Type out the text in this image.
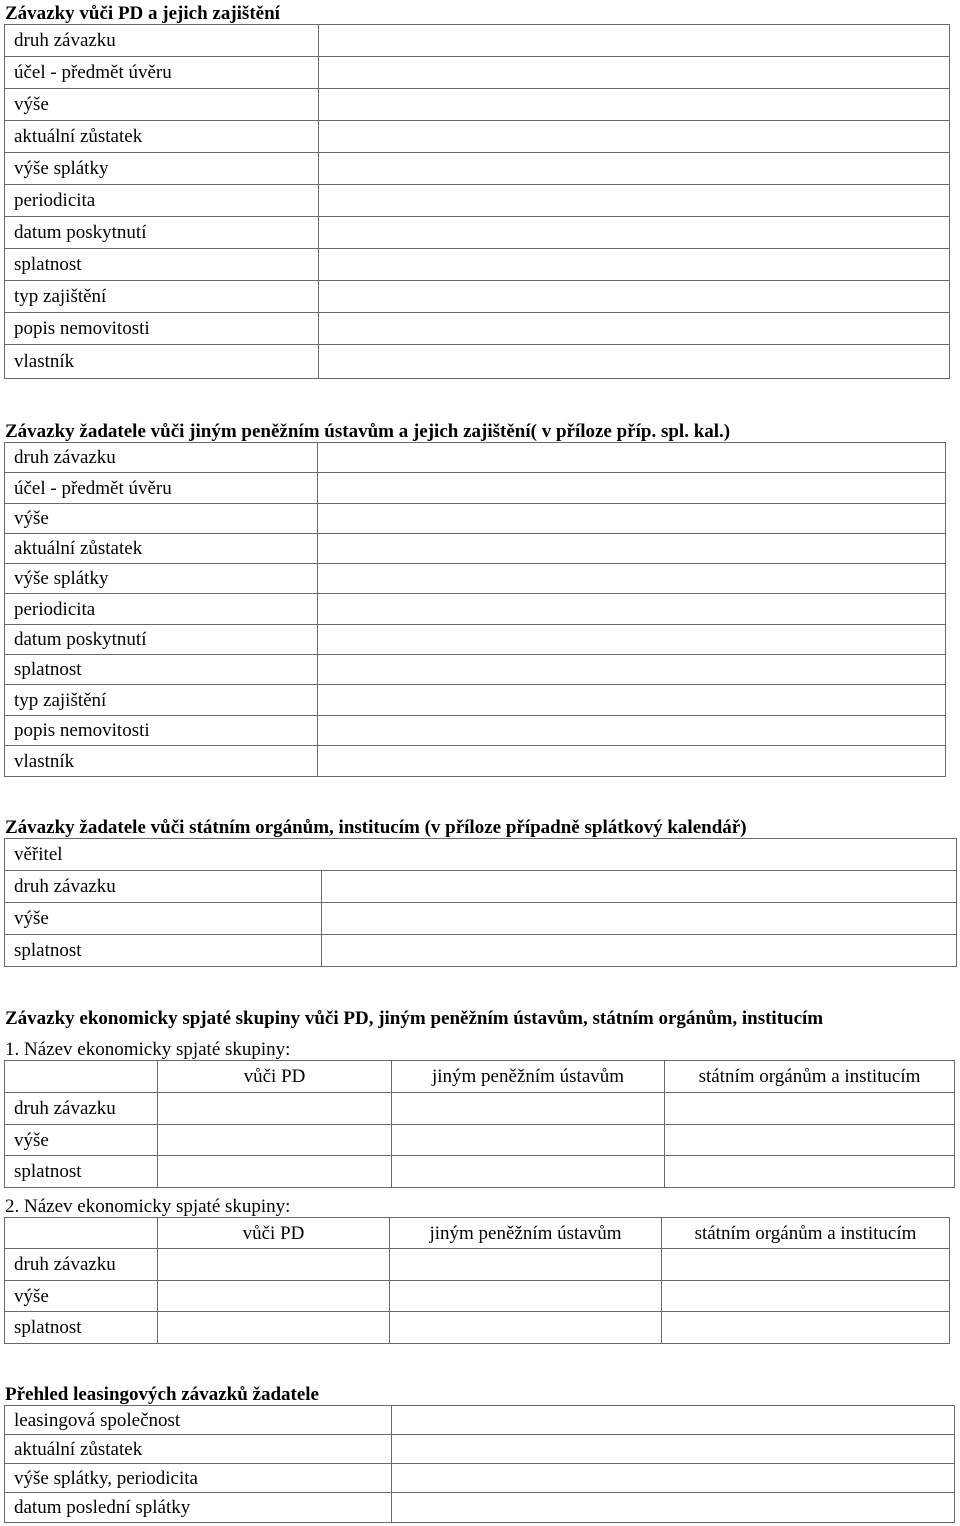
Závazky vůči PD a jejich zajištění
druh závazku	
účel - předmět úvěru	
výše	
aktuální zůstatek	
výše splátky	
periodicita	
datum poskytnutí	
splatnost	
typ zajištění	
popis nemovitosti	
vlastník	
Závazky žadatele vůči jiným peněžním ústavům a jejich zajištění( v příloze příp. spl. kal.)
druh závazku	
účel - předmět úvěru	
výše	
aktuální zůstatek	
výše splátky	
periodicita	
datum poskytnutí	
splatnost	
typ zajištění	
popis nemovitosti	
vlastník	
Závazky žadatele vůči státním orgánům, institucím (v příloze případně splátkový kalendář)
věřitel	
druh závazku	
výše	
splatnost	
Závazky ekonomicky spjaté skupiny vůči PD, jiným peněžním ústavům, státním orgánům, institucím
1. Název ekonomicky spjaté skupiny:
	vůči PD	jiným peněžním ústavům	státním orgánům a institucím
druh závazku			
výše			
splatnost			
2. Název ekonomicky spjaté skupiny:
	vůči PD	jiným peněžním ústavům	státním orgánům a institucím
druh závazku			
výše			
splatnost			
Přehled leasingových závazků žadatele
leasingová společnost	
aktuální zůstatek	
výše splátky, periodicita	
datum poslední splátky	
